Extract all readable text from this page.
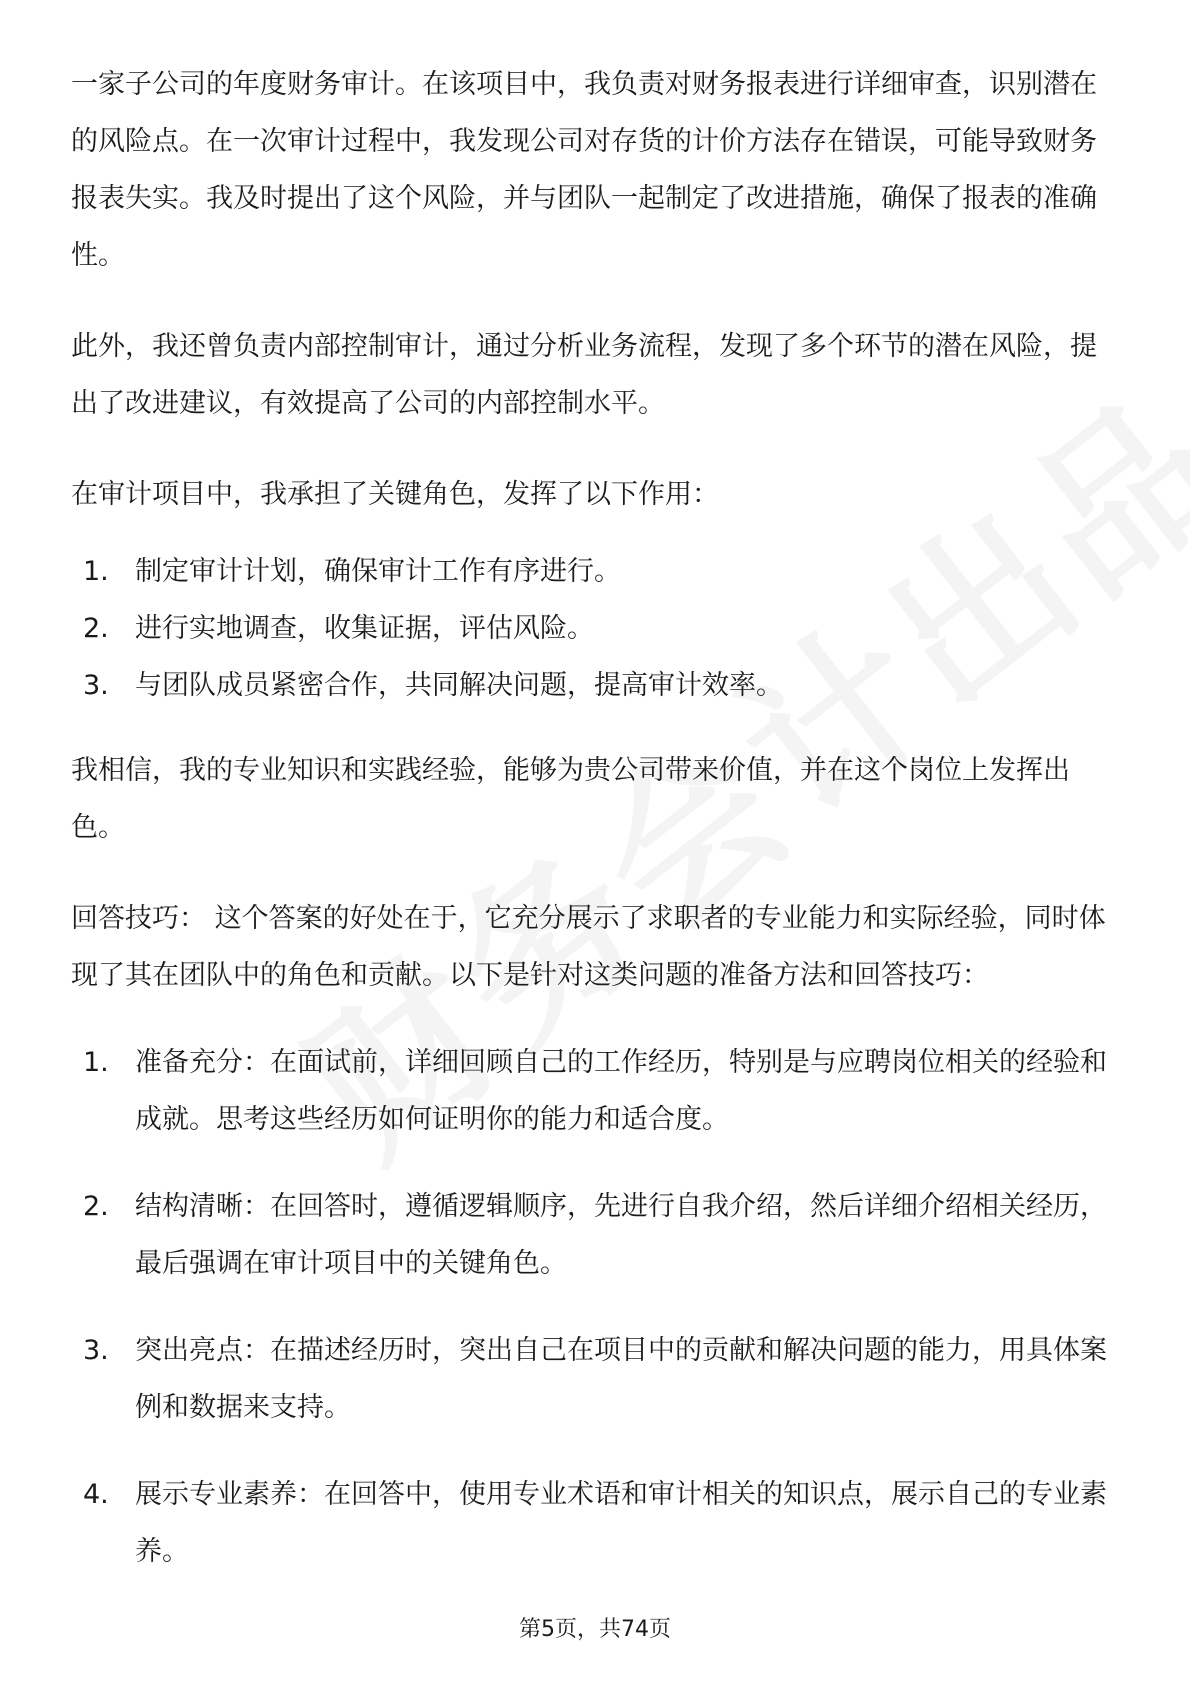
一家子公司的年度财务审计。在该项目中，我负责对财务报表进行详细审查，识别潜在的风险点。在一次审计过程中，我发现公司对存货的计价方法存在错误，可能导致财务报表失实。我及时提出了这个风险，并与团队一起制定了改进措施，确保了报表的准确性。

此外，我还曾负责内部控制审计，通过分析业务流程，发现了多个环节的潜在风险，提出了改进建议，有效提高了公司的内部控制水平。

在审计项目中，我承担了关键角色，发挥了以下作用：

1. 制定审计计划，确保审计工作有序进行。
2. 进行实地调查，收集证据，评估风险。
3. 与团队成员紧密合作，共同解决问题，提高审计效率。

我相信，我的专业知识和实践经验，能够为贵公司带来价值，并在这个岗位上发挥出色。

回答技巧： 这个答案的好处在于，它充分展示了求职者的专业能力和实际经验，同时体现了其在团队中的角色和贡献。以下是针对这类问题的准备方法和回答技巧：

1. 准备充分：在面试前，详细回顾自己的工作经历，特别是与应聘岗位相关的经验和成就。思考这些经历如何证明你的能力和适合度。
2. 结构清晰：在回答时，遵循逻辑顺序，先进行自我介绍，然后详细介绍相关经历，最后强调在审计项目中的关键角色。
3. 突出亮点：在描述经历时，突出自己在项目中的贡献和解决问题的能力，用具体案例和数据来支持。
4. 展示专业素养：在回答中，使用专业术语和审计相关的知识点，展示自己的专业素养。
第5页，共74页
